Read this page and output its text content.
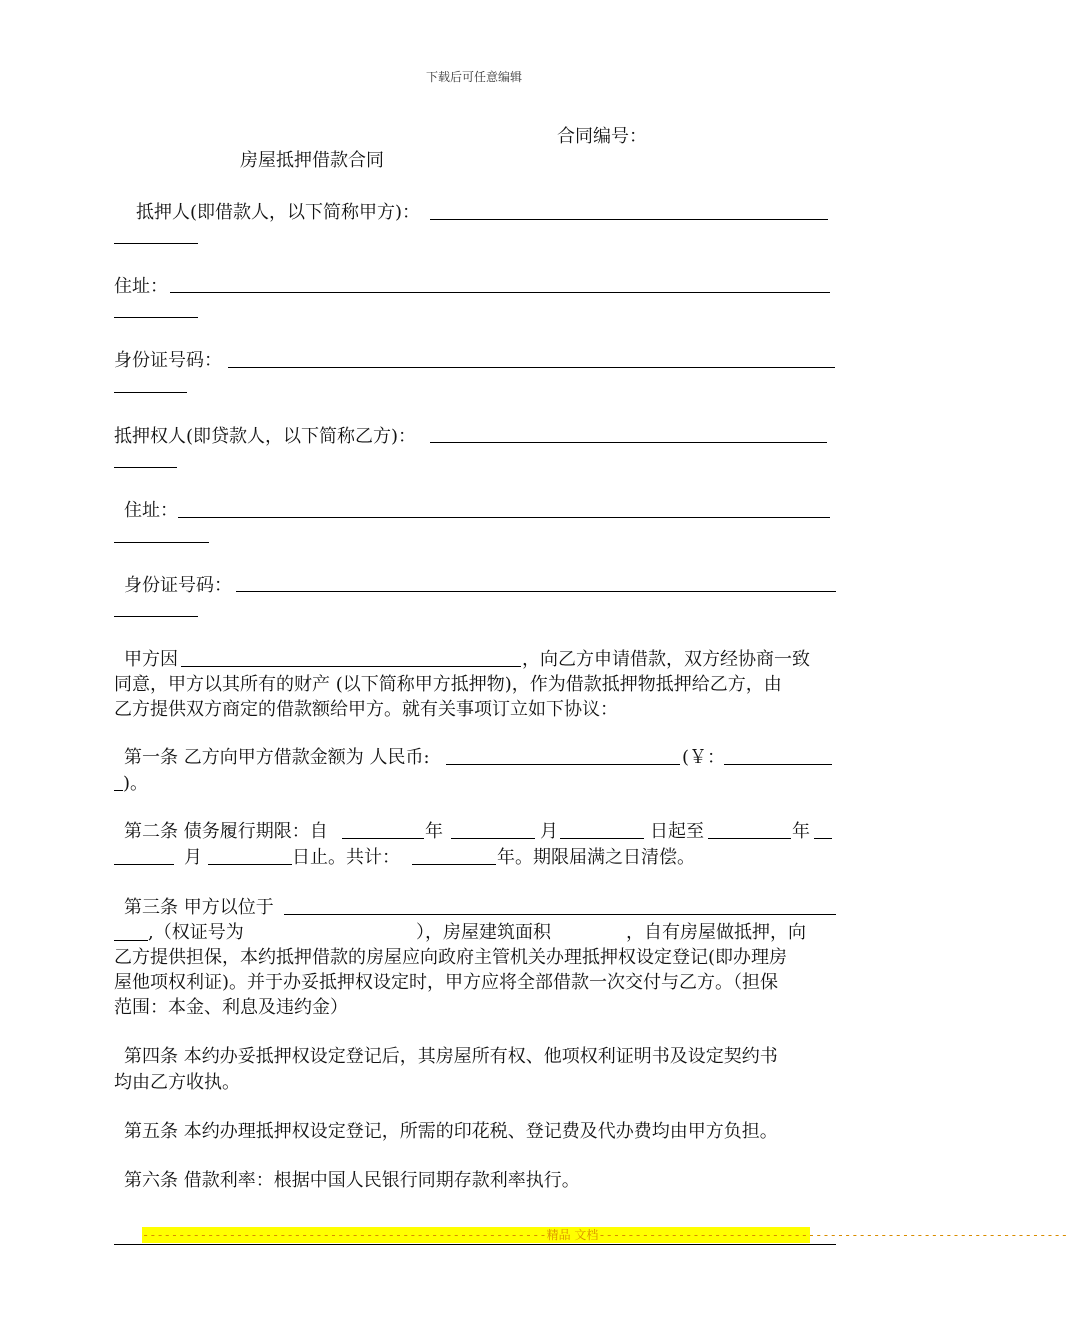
下载后可任意编辑
合同编号：
房屋抵押借款合同
抵押人(即借款人，以下简称甲方)：
住址：
身份证号码：
抵押权人(即贷款人，以下简称乙方)：
住址：
身份证号码：
甲方因	，向乙方申请借款，双方经协商一致
同意，甲方以其所有的财产 (以下简称甲方抵押物)，作为借款抵押物抵押给乙方，由
乙方提供双方商定的借款额给甲方。就有关事项订立如下协议：
第一条 乙方向甲方借款金额为 人民币:	(￥：
)。
第二条 债务履行期限：自	年	月	日起至	年
月	日止。共计：	年。期限届满之日清偿。
第三条 甲方以位于
,（权证号为	），房屋建筑面积	，自有房屋做抵押，向
乙方提供担保，本约抵押借款的房屋应向政府主管机关办理抵押权设定登记(即办理房
屋他项权利证)。并于办妥抵押权设定时，甲方应将全部借款一次交付与乙方。（担保
范围：本金、利息及违约金）
第四条 本约办妥抵押权设定登记后，其房屋所有权、他项权利证明书及设定契约书
均由乙方收执。
第五条 本约办理抵押权设定登记，所需的印花税、登记费及代办费均由甲方负担。
第六条 借款利率：根据中国人民银行同期存款利率执行。
--------------------------------------------------------精品 文档-----------------------------------------------------------------
